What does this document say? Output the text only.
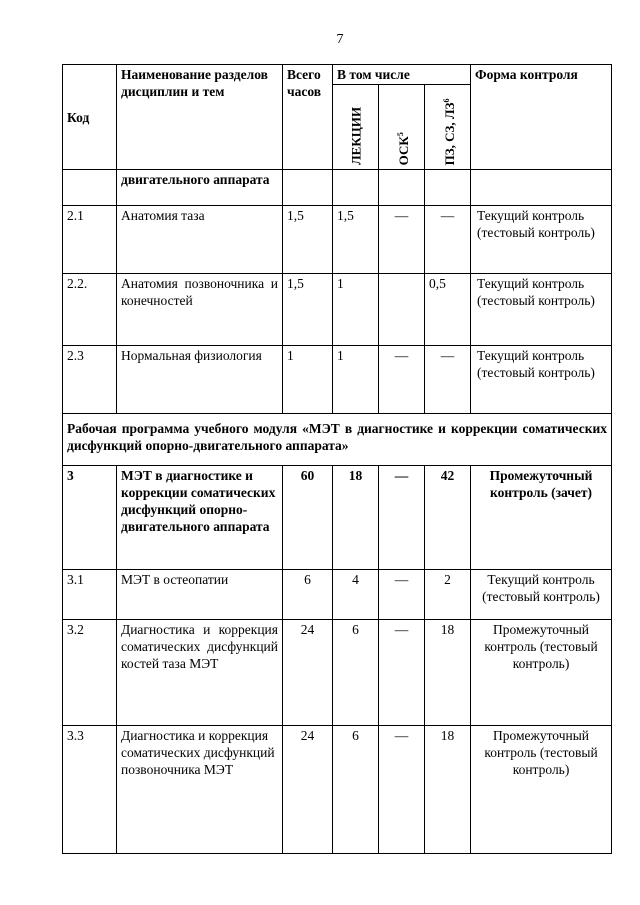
7
Код	Наименование разделов дисциплин и тем	Всего часов	В том числе			Форма контроля

			ЛЕКЦИИ	ОСК$^5$	ПЗ, СЗ, $ЛЗ^6$

	двигательного аппарата					
2.1	Анатомия таза	1,5	1,5	—	—	Текущий контроль (тестовый контроль)
2.2.	Анатомия позвоночника и конечностей	1,5	1		0,5	Текущий контроль (тестовый контроль)
2.3	Нормальная физиология	1	1	—	—	Текущий контроль (тестовый контроль)
Рабочая программа учебного модуля «МЭТ в диагностике и коррекции соматических дисфункций опорно-двигательного аппарата»						
3	МЭТ в диагностике и коррекции соматических дисфункций опорно-двигательного аппарата	60	18	—	42	Промежуточный контроль (зачет)
3.1	МЭТ в остеопатии	6	4	—	2	Текущий контроль (тестовый контроль)
3.2	Диагностика и коррекция соматических дисфункций костей таза МЭТ	24	6	—	18	Промежуточный контроль (тестовый контроль)
3.3	Диагностика и коррекция соматических дисфункций позвоночника МЭТ	24	6	—	18	Промежуточный контроль (тестовый контроль)
